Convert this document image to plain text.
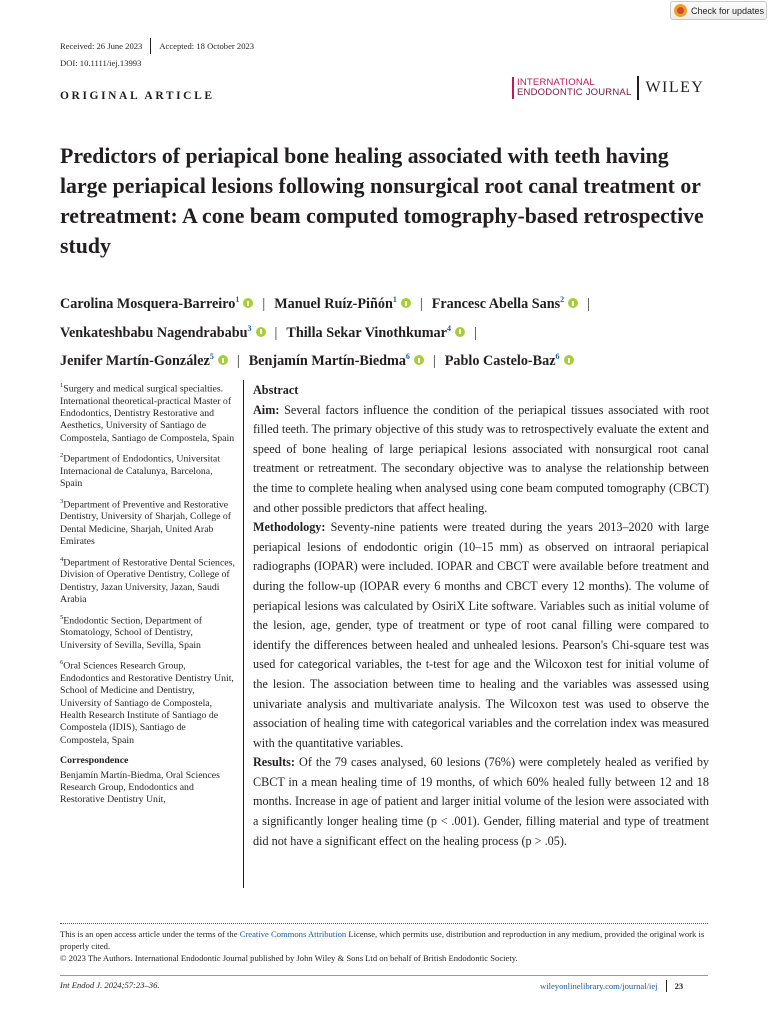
Check for updates
Received: 26 June 2023 Accepted: 18 October 2023
DOI: 10.1111/iej.13993
ORIGINAL ARTICLE
INTERNATIONAL
ENDODONTIC JOURNAL WILEY
Predictors of periapical bone healing associated with teeth having large periapical lesions following nonsurgical root canal treatment or retreatment: A cone beam computed tomography-based retrospective study
Carolina Mosquera-Barreiro$^1$ | Manuel Ruíz-Piñón$^1$ | Francesc Abella Sans$^2$ |
Venkateshbabu Nagendrababu$^3$ | Thilla Sekar Vinothkumar$^4$ |
Jenifer Martín-González$^5$ | Benjamín Martín-Biedma$^6$ | Pablo Castelo-Baz$^6$

$^1$Surgery and medical surgical specialties. International theoretical-practical Master of Endodontics, Dentistry Restorative and Aesthetics, University of Santiago de Compostela, Santiago de Compostela, Spain

$^2$Department of Endodontics, Universitat Internacional de Catalunya, Barcelona, Spain

$^3$Department of Preventive and Restorative Dentistry, University of Sharjah, College of Dental Medicine, Sharjah, United Arab Emirates

$^4$Department of Restorative Dental Sciences, Division of Operative Dentistry, College of Dentistry, Jazan University, Jazan, Saudi Arabia

$^5$Endodontic Section, Department of Stomatology, School of Dentistry, University of Sevilla, Sevilla, Spain

$^6$Oral Sciences Research Group, Endodontics and Restorative Dentistry Unit, School of Medicine and Dentistry, University of Santiago de Compostela, Health Research Institute of Santiago de Compostela (IDIS), Santiago de Compostela, Spain

Correspondence

Benjamín Martín-Biedma, Oral Sciences Research Group, Endodontics and Restorative Dentistry Unit,

Abstract

Aim: Several factors influence the condition of the periapical tissues associated with root filled teeth. The primary objective of this study was to retrospectively evaluate the extent and speed of bone healing of large periapical lesions associated with nonsurgical root canal treatment or retreatment. The secondary objective was to analyse the relationship between the time to complete healing when analysed using cone beam computed tomography (CBCT) and other possible predictors that affect healing.

Methodology: Seventy-nine patients were treated during the years 2013–2020 with large periapical lesions of endodontic origin (10–15 mm) as observed on intraoral periapical radiographs (IOPAR) were included. IOPAR and CBCT were available before treatment and during the follow-up (IOPAR every 6 months and CBCT every 12 months). The volume of periapical lesions was calculated by OsiriX Lite software. Variables such as initial volume of the lesion, age, gender, type of treatment or type of root canal filling were compared to identify the differences between healed and unhealed lesions. Pearson's Chi-square test was used for categorical variables, the t-test for age and the Wilcoxon test for initial volume of the lesion. The association between time to healing and the variables was assessed using univariate analysis and multivariate analysis. The Wilcoxon test was used to observe the association of healing time with categorical variables and the correlation index was measured with the quantitative variables.

Results: Of the 79 cases analysed, 60 lesions (76%) were completely healed as verified by CBCT in a mean healing time of 19 months, of which 60% healed fully between 12 and 18 months. Increase in age of patient and larger initial volume of the lesion were associated with a significantly longer healing time (p < .001). Gender, filling material and type of treatment did not have a significant effect on the healing process (p > .05).

This is an open access article under the terms of the Creative Commons Attribution License, which permits use, distribution and reproduction in any medium, provided the original work is properly cited.
© 2023 The Authors. International Endodontic Journal published by John Wiley & Sons Ltd on behalf of British Endodontic Society.
Int Endod J. 2024;57:23–36.	wileyonlinelibrary.com/journal/iej 23
